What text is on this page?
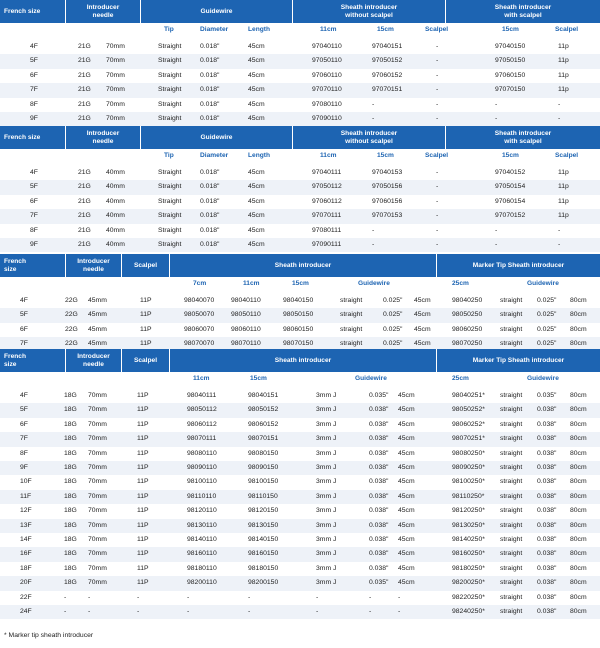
* Marker tip sheath introducer
French size
Introducer
needle
Guidewire
Sheath introducer
without scalpel
Sheath introducer
with scalpel
Tip	Diameter	Length	11cm	15cm	Scalpel	15cm	Scalpel
4F	21G 70mm	Straight	0.018"	45cm	97040110	97040151	-	97040150	11p
5F	21G 70mm	Straight	0.018"	45cm	97050110	97050152	-	97050150	11p
6F	21G 70mm	Straight	0.018"	45cm	97060110	97060152	-	97060150	11p
7F	21G 70mm	Straight	0.018"	45cm	97070110	97070151	-	97070150	11p
8F	21G 70mm	Straight	0.018"	45cm	97080110	-	-	-	-
9F	21G 70mm	Straight	0.018"	45cm	97090110	-	-	-	-
French size
Introducer
needle
Guidewire
Sheath introducer
without scalpel
Sheath introducer
with scalpel
Tip	Diameter	Length	11cm	15cm	Scalpel	15cm	Scalpel
4F	21G 40mm	Straight	0.018"	45cm	97040111	97040153	-	97040152	11p
5F	21G 40mm	Straight	0.018"	45cm	97050112	97050156	-	97050154	11p
6F	21G 40mm	Straight	0.018"	45cm	97060112	97060156	-	97060154	11p
7F	21G 40mm	Straight	0.018"	45cm	97070111	97070153	-	97070152	11p
8F	21G 40mm	Straight	0.018"	45cm	97080111	-	-	-	-
9F	21G 40mm	Straight	0.018"	45cm	97090111	-	-	-	-
French
size
Introducer
needle
Scalpel	Sheath introducer	Marker Tip Sheath introducer
7cm	11cm	15cm	Guidewire	25cm	Guidewire
4F	22G 45mm	11P	98040070 98040110	98040150	straight	0.025" 45cm	98040250	straight 0.025" 80cm
5F	22G 45mm	11P	98050070 98050110	98050150	straight	0.025" 45cm	98050250	straight 0.025" 80cm
6F	22G 45mm	11P	98060070 98060110	98060150	straight	0.025" 45cm	98060250	straight 0.025" 80cm
7F	22G 45mm	11P	98070070 98070110	98070150	straight	0.025" 45cm	98070250	straight 0.025" 80cm
French
size
Introducer
needle
Scalpel	Sheath introducer	Marker Tip Sheath introducer
11cm	15cm	Guidewire	25cm	Guidewire
4F	18G 70mm	11P	98040111	98040151	3mm J	0.035" 45cm	98040251* straight 0.035" 80cm
5F	18G 70mm	11P	98050112	98050152	3mm J	0.038" 45cm	98050252* straight 0.038" 80cm
6F	18G 70mm	11P	98060112	98060152	3mm J	0.038" 45cm	98060252* straight 0.038" 80cm
7F	18G 70mm	11P	98070111	98070151	3mm J	0.038" 45cm	98070251* straight 0.038" 80cm
8F	18G 70mm	11P	98080110	98080150	3mm J	0.038" 45cm	98080250* straight 0.038" 80cm
9F	18G 70mm	11P	98090110	98090150	3mm J	0.038" 45cm	98090250* straight 0.038" 80cm
10F	18G 70mm	11P	98100110	98100150	3mm J	0.038" 45cm	98100250* straight 0.038" 80cm
11F	18G 70mm	11P	98110110	98110150	3mm J	0.038" 45cm	98110250* straight 0.038" 80cm
12F	18G 70mm	11P	98120110	98120150	3mm J	0.038" 45cm	98120250* straight 0.038" 80cm
13F	18G 70mm	11P	98130110	98130150	3mm J	0.038" 45cm	98130250* straight 0.038" 80cm
14F	18G 70mm	11P	98140110	98140150	3mm J	0.038" 45cm	98140250* straight 0.038" 80cm
16F	18G 70mm	11P	98160110	98160150	3mm J	0.038" 45cm	98160250* straight 0.038" 80cm
18F	18G 70mm	11P	98180110	98180150	3mm J	0.038" 45cm	98180250* straight 0.038" 80cm
20F	18G 70mm	11P	98200110	98200150	3mm J	0.035" 45cm	98200250* straight 0.038" 80cm
22F	-	-	-	-	-	-	-	-	98220250* straight 0.038" 80cm
24F	-	-	-	-	-	-	-	-	98240250* straight 0.038" 80cm
